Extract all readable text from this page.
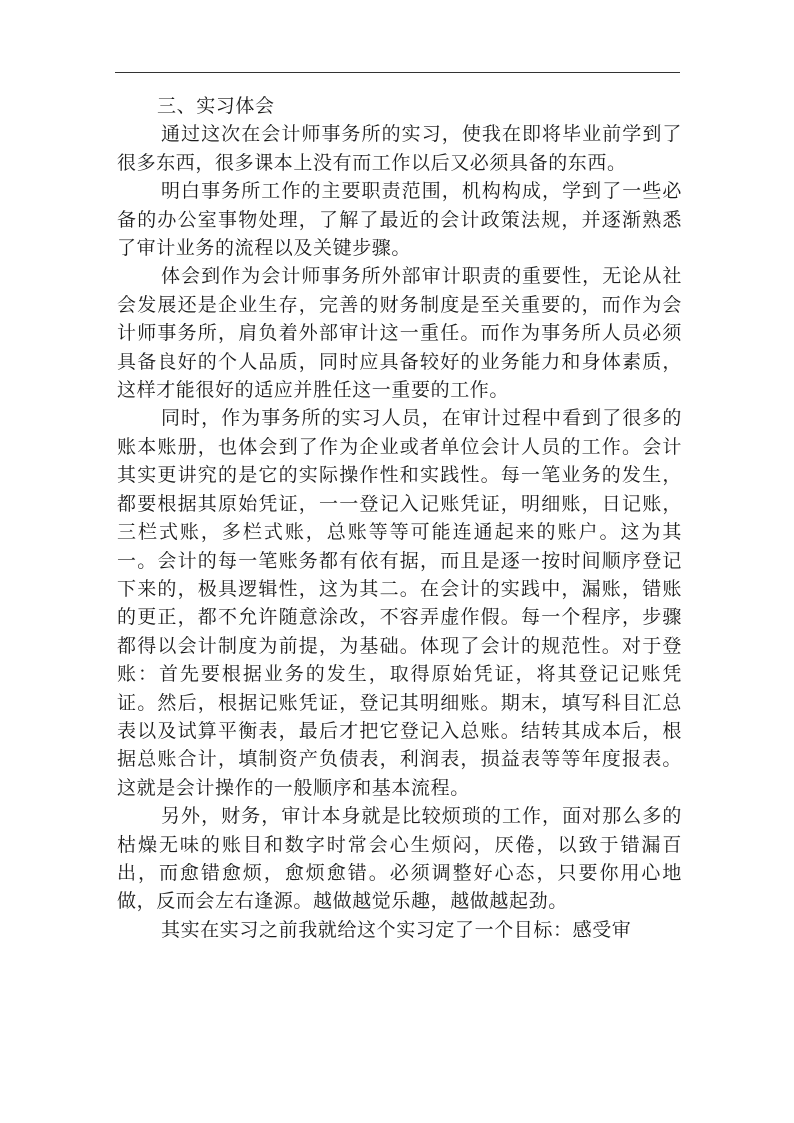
三、实习体会

通过这次在会计师事务所的实习，使我在即将毕业前学到了很多东西，很多课本上没有而工作以后又必须具备的东西。

明白事务所工作的主要职责范围，机构构成，学到了一些必备的办公室事物处理，了解了最近的会计政策法规，并逐渐熟悉了审计业务的流程以及关键步骤。

体会到作为会计师事务所外部审计职责的重要性，无论从社会发展还是企业生存，完善的财务制度是至关重要的，而作为会计师事务所，肩负着外部审计这一重任。而作为事务所人员必须具备良好的个人品质，同时应具备较好的业务能力和身体素质，这样才能很好的适应并胜任这一重要的工作。

同时，作为事务所的实习人员，在审计过程中看到了很多的账本账册，也体会到了作为企业或者单位会计人员的工作。会计其实更讲究的是它的实际操作性和实践性。每一笔业务的发生，都要根据其原始凭证，一一登记入记账凭证，明细账，日记账，三栏式账，多栏式账，总账等等可能连通起来的账户。这为其一。会计的每一笔账务都有依有据，而且是逐一按时间顺序登记下来的，极具逻辑性，这为其二。在会计的实践中，漏账，错账的更正，都不允许随意涂改，不容弄虚作假。每一个程序，步骤都得以会计制度为前提，为基础。体现了会计的规范性。对于登账：首先要根据业务的发生，取得原始凭证，将其登记记账凭证。然后，根据记账凭证，登记其明细账。期末，填写科目汇总表以及试算平衡表，最后才把它登记入总账。结转其成本后，根据总账合计，填制资产负债表，利润表，损益表等等年度报表。这就是会计操作的一般顺序和基本流程。

另外，财务，审计本身就是比较烦琐的工作，面对那么多的枯燥无味的账目和数字时常会心生烦闷，厌倦，以致于错漏百出，而愈错愈烦，愈烦愈错。必须调整好心态，只要你用心地做，反而会左右逢源。越做越觉乐趣，越做越起劲。

其实在实习之前我就给这个实习定了一个目标：感受审
